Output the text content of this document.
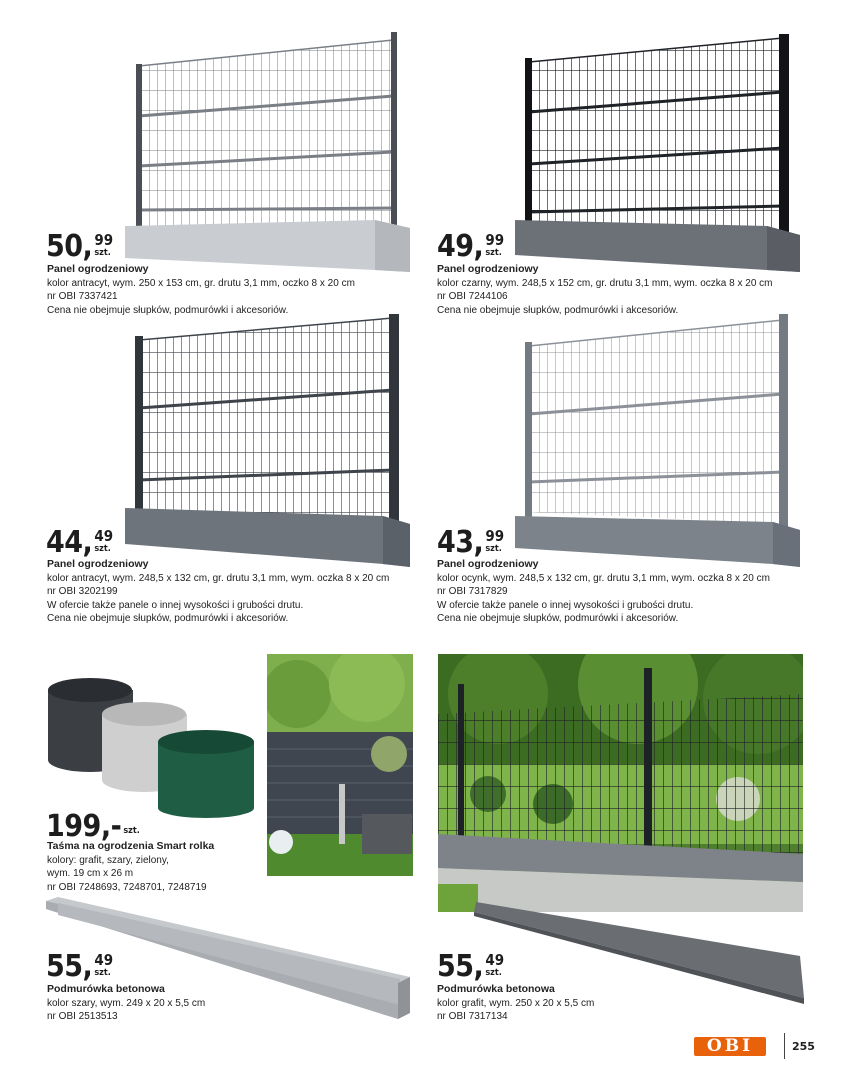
50, 99
szt.
Panel ogrodzeniowy
kolor antracyt, wym. 250 x 153 cm, gr. drutu 3,1 mm, oczko 8 x 20 cm
nr OBI 7337421
Cena nie obejmuje słupków, podmurówki i akcesoriów.
49, 99
szt.
Panel ogrodzeniowy
kolor czarny, wym. 248,5 x 152 cm, gr. drutu 3,1 mm, wym. oczka 8 x 20 cm
nr OBI 7244106
Cena nie obejmuje słupków, podmurówki i akcesoriów.
44, 49
szt.
Panel ogrodzeniowy
kolor antracyt, wym. 248,5 x 132 cm, gr. drutu 3,1 mm, wym. oczka 8 x 20 cm
nr OBI 3202199
W ofercie także panele o innej wysokości i grubości drutu.
Cena nie obejmuje słupków, podmurówki i akcesoriów.
43, 99
szt.
Panel ogrodzeniowy
kolor ocynk, wym. 248,5 x 132 cm, gr. drutu 3,1 mm, wym. oczka 8 x 20 cm
nr OBI 7317829
W ofercie także panele o innej wysokości i grubości drutu.
Cena nie obejmuje słupków, podmurówki i akcesoriów.
199,- szt.
Taśma na ogrodzenia Smart rolka
kolory: grafit, szary, zielony,
wym. 19 cm x 26 m
nr OBI 7248693, 7248701, 7248719
55, 49
szt.
Podmurówka betonowa
kolor szary, wym. 249 x 20 x 5,5 cm
nr OBI 2513513
55, 49
szt.
Podmurówka betonowa
kolor grafit, wym. 250 x 20 x 5,5 cm
nr OBI 7317134
OBI	255
